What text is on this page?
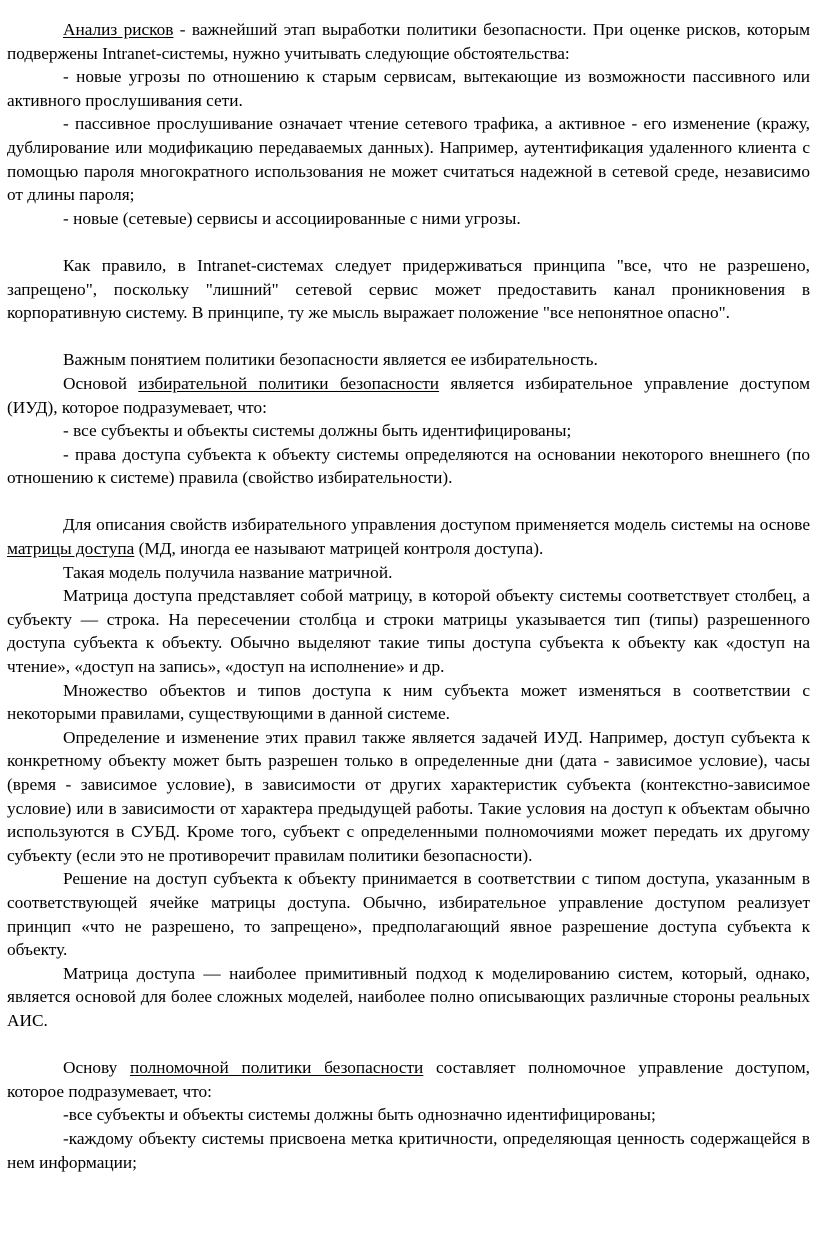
Анализ рисков - важнейший этап выработки политики безопасности. При оценке рисков, которым подвержены Intranet-системы, нужно учитывать следующие обстоятельства:

- новые угрозы по отношению к старым сервисам, вытекающие из возможности пассивного или активного прослушивания сети.

- пассивное прослушивание означает чтение сетевого трафика, а активное - его изменение (кражу, дублирование или модификацию передаваемых данных). Например, аутентификация удаленного клиента с помощью пароля многократного использования не может считаться надежной в сетевой среде, независимо от длины пароля;

- новые (сетевые) сервисы и ассоциированные с ними угрозы.

Как правило, в Intranet-системах следует придерживаться принципа "все, что не разрешено, запрещено", поскольку "лишний" сетевой сервис может предоставить канал проникновения в корпоративную систему. В принципе, ту же мысль выражает положение "все непонятное опасно".

Важным понятием политики безопасности является ее избирательность.

Основой избирательной политики безопасности является избирательное управление доступом (ИУД), которое подразумевает, что:

- все субъекты и объекты системы должны быть идентифицированы;

- права доступа субъекта к объекту системы определяются на основании некоторого внешнего (по отношению к системе) правила (свойство избирательности).

Для описания свойств избирательного управления доступом применяется модель системы на основе матрицы доступа (МД, иногда ее называют матрицей контроля доступа).

Такая модель получила название матричной.

Матрица доступа представляет собой матрицу, в которой объекту системы соответствует столбец, а субъекту — строка. На пересечении столбца и строки матрицы указывается тип (типы) разрешенного доступа субъекта к объекту. Обычно выделяют такие типы доступа субъекта к объекту как «доступ на чтение», «доступ на запись», «доступ на исполнение» и др.

Множество объектов и типов доступа к ним субъекта может изменяться в соответствии с некоторыми правилами, существующими в данной системе.

Определение и изменение этих правил также является задачей ИУД. Например, доступ субъекта к конкретному объекту может быть разрешен только в определенные дни (дата - зависимое условие), часы (время - зависимое условие), в зависимости от других характеристик субъекта (контекстно-зависимое условие) или в зависимости от характера предыдущей работы. Такие условия на доступ к объектам обычно используются в СУБД. Кроме того, субъект с определенными полномочиями может передать их другому субъекту (если это не противоречит правилам политики безопасности).

Решение на доступ субъекта к объекту принимается в соответствии с типом доступа, указанным в соответствующей ячейке матрицы доступа. Обычно, избирательное управление доступом реализует принцип «что не разрешено, то запрещено», предполагающий явное разрешение доступа субъекта к объекту.

Матрица доступа — наиболее примитивный подход к моделированию систем, который, однако, является основой для более сложных моделей, наиболее полно описывающих различные стороны реальных АИС.

Основу полномочной политики безопасности составляет полномочное управление доступом, которое подразумевает, что:

-все субъекты и объекты системы должны быть однозначно идентифицированы;

-каждому объекту системы присвоена метка критичности, определяющая ценность содержащейся в нем информации;
